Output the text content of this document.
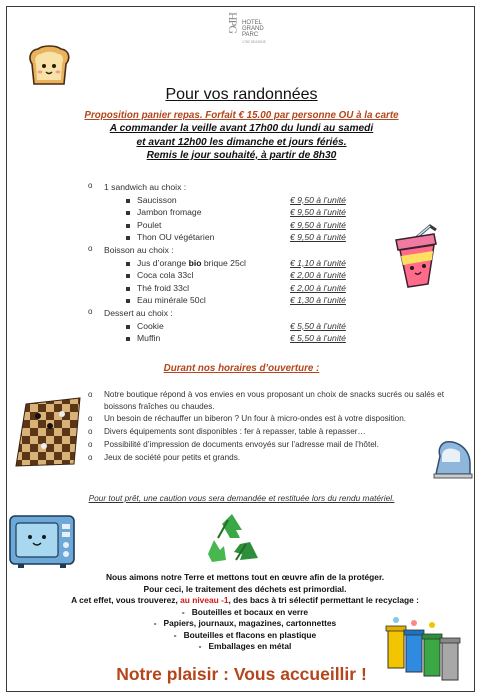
HPG HOTEL
GRAND
PARC
1782 SEASIDE
Pour vos randonnées
Proposition panier repas. Forfait € 15.00 par personne OU à la carte
A commander la veille avant 17h00 du lundi au samedi
et avant 12h00 les dimanche et jours fériés.
Remis le jour souhaité, à partir de 8h30
o 1 sandwich au choix :
Saucisson	€ 9,50 à l’unité
Jambon fromage	€ 9,50 à l’unité
Poulet	€ 9,50 à l’unité
Thon OU végétarien	€ 9,50 à l’unité
o Boisson au choix :
Jus d’orange bio brique 25cl	€ 1,10 à l’unité
Coca cola 33cl	€ 2,00 à l’unité
Thé froid 33cl	€ 2,00 à l’unité
Eau minérale 50cl	€ 1,30 à l’unité
o Dessert au choix :
Cookie	€ 5,50 à l’unité
Muffin	€ 5,50 à l’unité
Durant nos horaires d’ouverture :
o Notre boutique répond à vos envies en vous proposant un choix de snacks sucrés ou salés et boissons fraîches ou chaudes.
o Un besoin de réchauffer un biberon ? Un four à micro-ondes est à votre disposition.
o Divers équipements sont disponibles : fer à repasser, table à repasser…
o Possibilité d’impression de documents envoyés sur l’adresse mail de l’hôtel.
o Jeux de société pour petits et grands.
Pour tout prêt, une caution vous sera demandée et restituée lors du rendu matériel.
Nous aimons notre Terre et mettons tout en œuvre afin de la protéger.
Pour ceci, le traitement des déchets est primordial.
A cet effet, vous trouverez, au niveau -1, des bacs à tri sélectif permettant le recyclage :
-   Bouteilles et bocaux en verre
-   Papiers, journaux, magazines, cartonnettes
-   Bouteilles et flacons en plastique
-   Emballages en métal
Notre plaisir : Vous accueillir !
